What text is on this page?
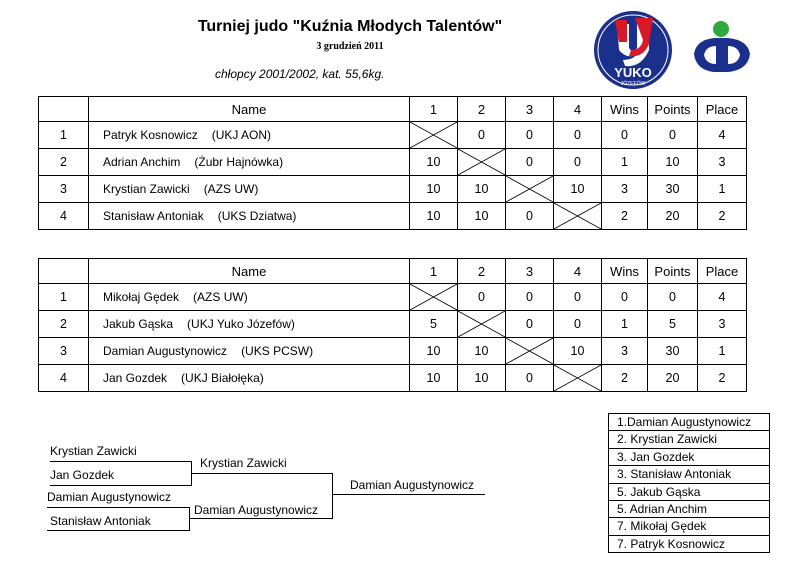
Turniej judo "Kuźnia Młodych Talentów"
3 grudzień 2011
chłopcy 2001/2002, kat. 55,6kg.	YUKO
JÓZEFÓW
	Name	1	2	3	4	Wins	Points	Place
1	Patryk Kosnowicz (UKJ AON)		0	0	0	0	0	4
2	Adrian Anchim (Żubr Hajnówka)	10		0	0	1	10	3
3	Krystian Zawicki (AZS UW)	10	10		10	3	30	1
4	Stanisław Antoniak (UKS Dziatwa)	10	10	0		2	20	2
	Name	1	2	3	4	Wins	Points	Place
1	Mikołaj Gędek (AZS UW)		0	0	0	0	0	4
2	Jakub Gąska (UKJ Yuko Józefów)	5		0	0	1	5	3
3	Damian Augustynowicz (UKS PCSW)	10	10		10	3	30	1
4	Jan Gozdek (UKJ Białołęka)	10	10	0		2	20	2
Krystian Zawicki
Jan Gozdek
Damian Augustynowicz
Stanisław Antoniak
Krystian Zawicki
Damian Augustynowicz
Damian Augustynowicz
1.Damian Augustynowicz
2. Krystian Zawicki
3. Jan Gozdek
3. Stanisław Antoniak
5. Jakub Gąska
5. Adrian Anchim
7. Mikołaj Gędek
7. Patryk Kosnowicz
